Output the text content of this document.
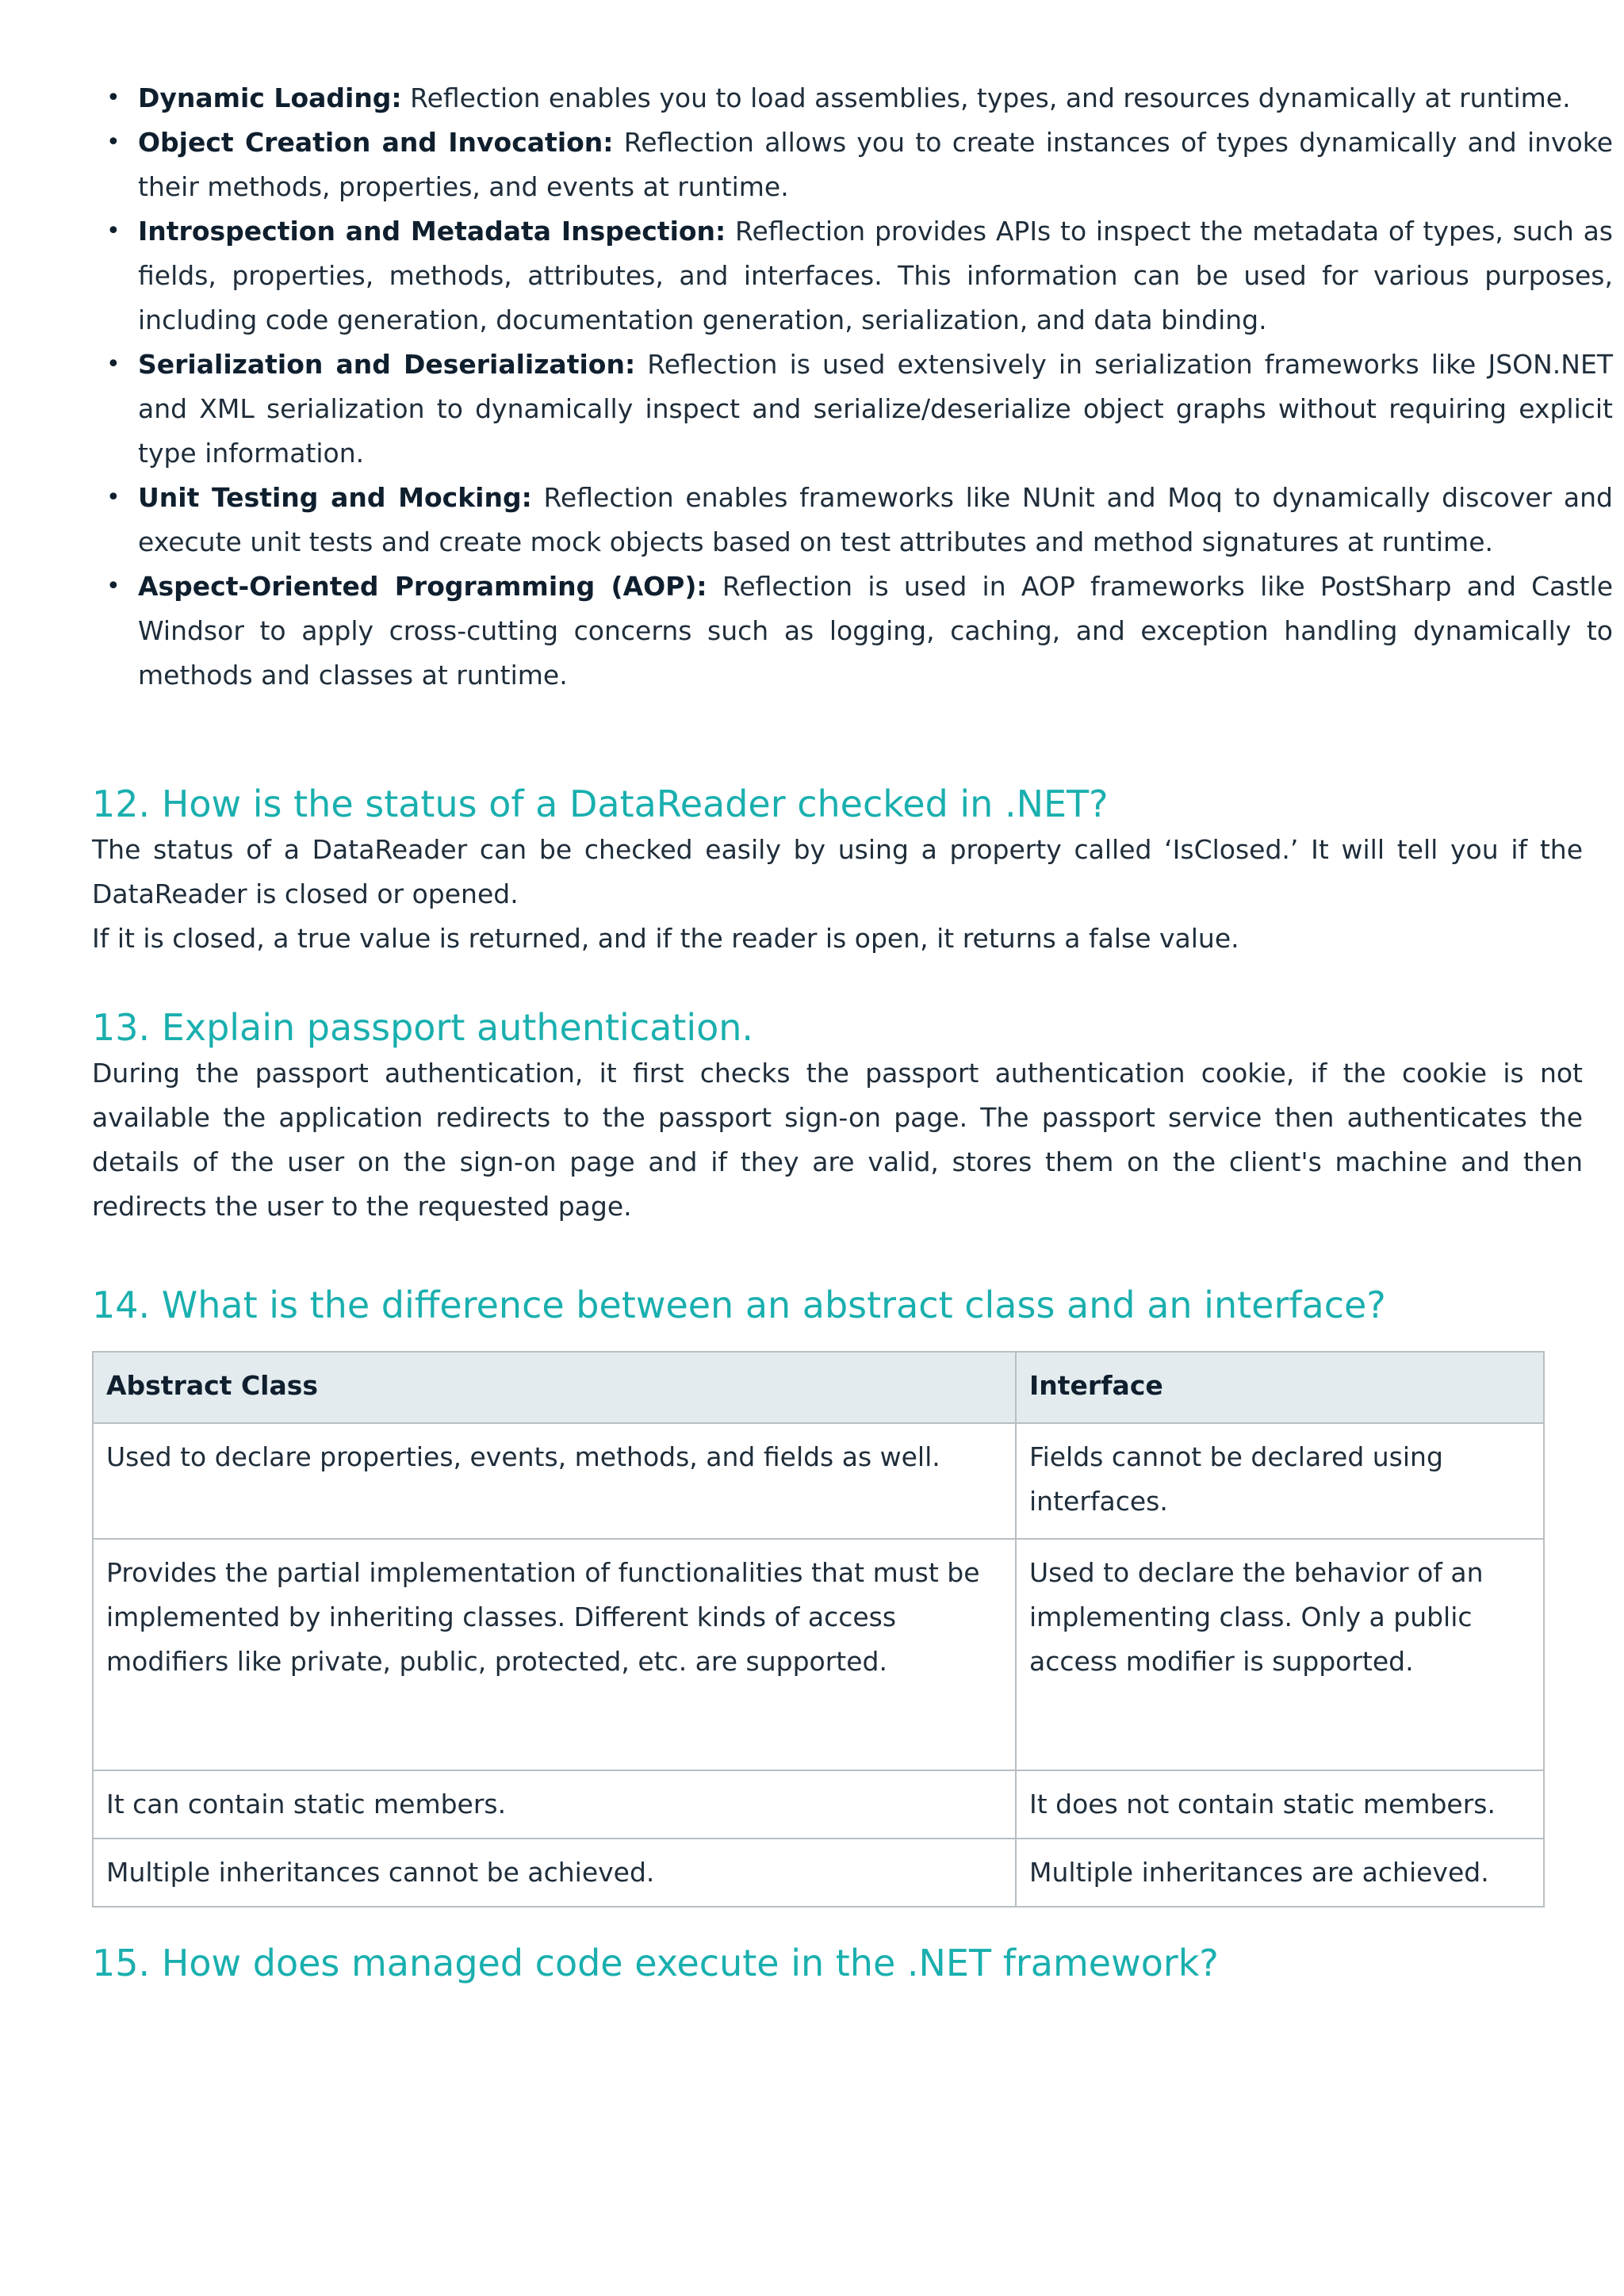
• Dynamic Loading: Reflection enables you to load assemblies, types, and resources dynamically at runtime.
• Object Creation and Invocation: Reflection allows you to create instances of types dynamically and invoke their methods, properties, and events at runtime.
• Introspection and Metadata Inspection: Reflection provides APIs to inspect the metadata of types, such as fields, properties, methods, attributes, and interfaces. This information can be used for various purposes, including code generation, documentation generation, serialization, and data binding.
• Serialization and Deserialization: Reflection is used extensively in serialization frameworks like JSON.NET and XML serialization to dynamically inspect and serialize/deserialize object graphs without requiring explicit type information.
• Unit Testing and Mocking: Reflection enables frameworks like NUnit and Moq to dynamically discover and execute unit tests and create mock objects based on test attributes and method signatures at runtime.
• Aspect-Oriented Programming (AOP): Reflection is used in AOP frameworks like PostSharp and Castle Windsor to apply cross-cutting concerns such as logging, caching, and exception handling dynamically to methods and classes at runtime.
12. How is the status of a DataReader checked in .NET?

The status of a DataReader can be checked easily by using a property called ‘IsClosed.’ It will tell you if the DataReader is closed or opened.

If it is closed, a true value is returned, and if the reader is open, it returns a false value.

13. Explain passport authentication.

During the passport authentication, it first checks the passport authentication cookie, if the cookie is not available the application redirects to the passport sign-on page. The passport service then authenticates the details of the user on the sign-on page and if they are valid, stores them on the client's machine and then redirects the user to the requested page.

14. What is the difference between an abstract class and an interface?
Abstract Class	Interface
Used to declare properties, events, methods, and fields as well.	Fields cannot be declared using interfaces.
Provides the partial implementation of functionalities that must be implemented by inheriting classes. Different kinds of access modifiers like private, public, protected, etc. are supported.	Used to declare the behavior of an implementing class. Only a public access modifier is supported.
It can contain static members.	It does not contain static members.
Multiple inheritances cannot be achieved.	Multiple inheritances are achieved.
15. How does managed code execute in the .NET framework?
